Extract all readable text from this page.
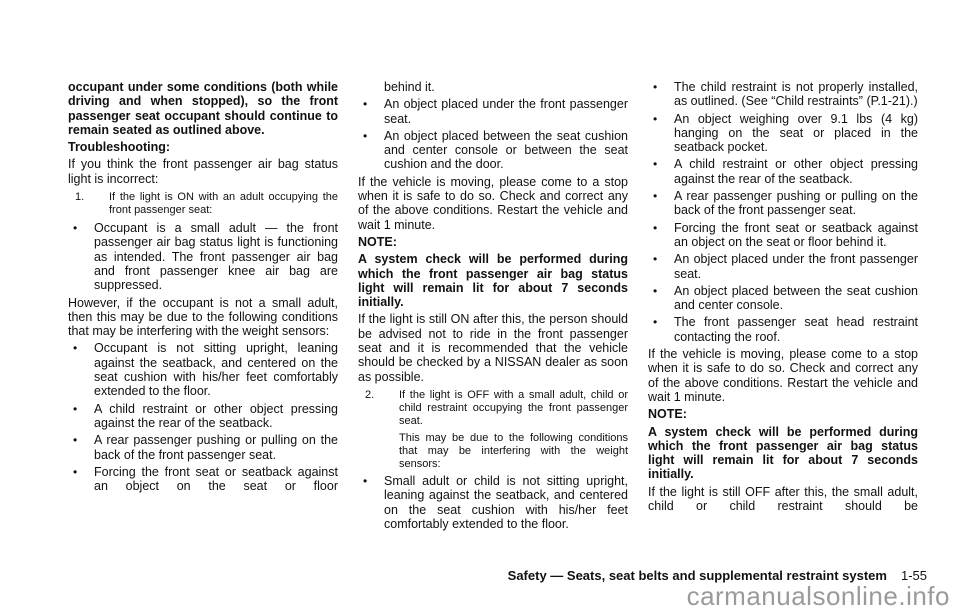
occupant under some conditions (both while driving and when stopped), so the front passenger seat occupant should continue to remain seated as outlined above.

Troubleshooting:

If you think the front passenger air bag status light is incorrect:

1. If the light is ON with an adult occupying the front passenger seat:
• Occupant is a small adult — the front passenger air bag status light is functioning as intended. The front passenger air bag and front passenger knee air bag are suppressed.

However, if the occupant is not a small adult, then this may be due to the following conditions that may be interfering with the weight sensors:

• Occupant is not sitting upright, leaning against the seatback, and centered on the seat cushion with his/her feet comfortably extended to the floor.
• A child restraint or other object pressing against the rear of the seatback.
• A rear passenger pushing or pulling on the back of the front passenger seat.
• Forcing the front seat or seatback against an object on the seat or floor
behind it.
• An object placed under the front passenger seat.
• An object placed between the seat cushion and center console or between the seat cushion and the door.

If the vehicle is moving, please come to a stop when it is safe to do so. Check and correct any of the above conditions. Restart the vehicle and wait 1 minute.

NOTE:

A system check will be performed during which the front passenger air bag status light will remain lit for about 7 seconds initially.

If the light is still ON after this, the person should be advised not to ride in the front passenger seat and it is recommended that the vehicle should be checked by a NISSAN dealer as soon as possible.

2. If the light is OFF with a small adult, child or child restraint occupying the front passenger seat.
This may be due to the following conditions that may be interfering with the weight sensors:
• Small adult or child is not sitting upright, leaning against the seatback, and centered on the seat cushion with his/her feet comfortably extended to the floor.
• The child restraint is not properly installed, as outlined. (See “Child restraints” (P.1-21).)
• An object weighing over 9.1 lbs (4 kg) hanging on the seat or placed in the seatback pocket.
• A child restraint or other object pressing against the rear of the seatback.
• A rear passenger pushing or pulling on the back of the front passenger seat.
• Forcing the front seat or seatback against an object on the seat or floor behind it.
• An object placed under the front passenger seat.
• An object placed between the seat cushion and center console.
• The front passenger seat head restraint contacting the roof.

If the vehicle is moving, please come to a stop when it is safe to do so. Check and correct any of the above conditions. Restart the vehicle and wait 1 minute.

NOTE:

A system check will be performed during which the front passenger air bag status light will remain lit for about 7 seconds initially.

If the light is still OFF after this, the small adult, child or child restraint should be

Safety — Seats, seat belts and supplemental restraint system 1-55
carmanualsonline.info
